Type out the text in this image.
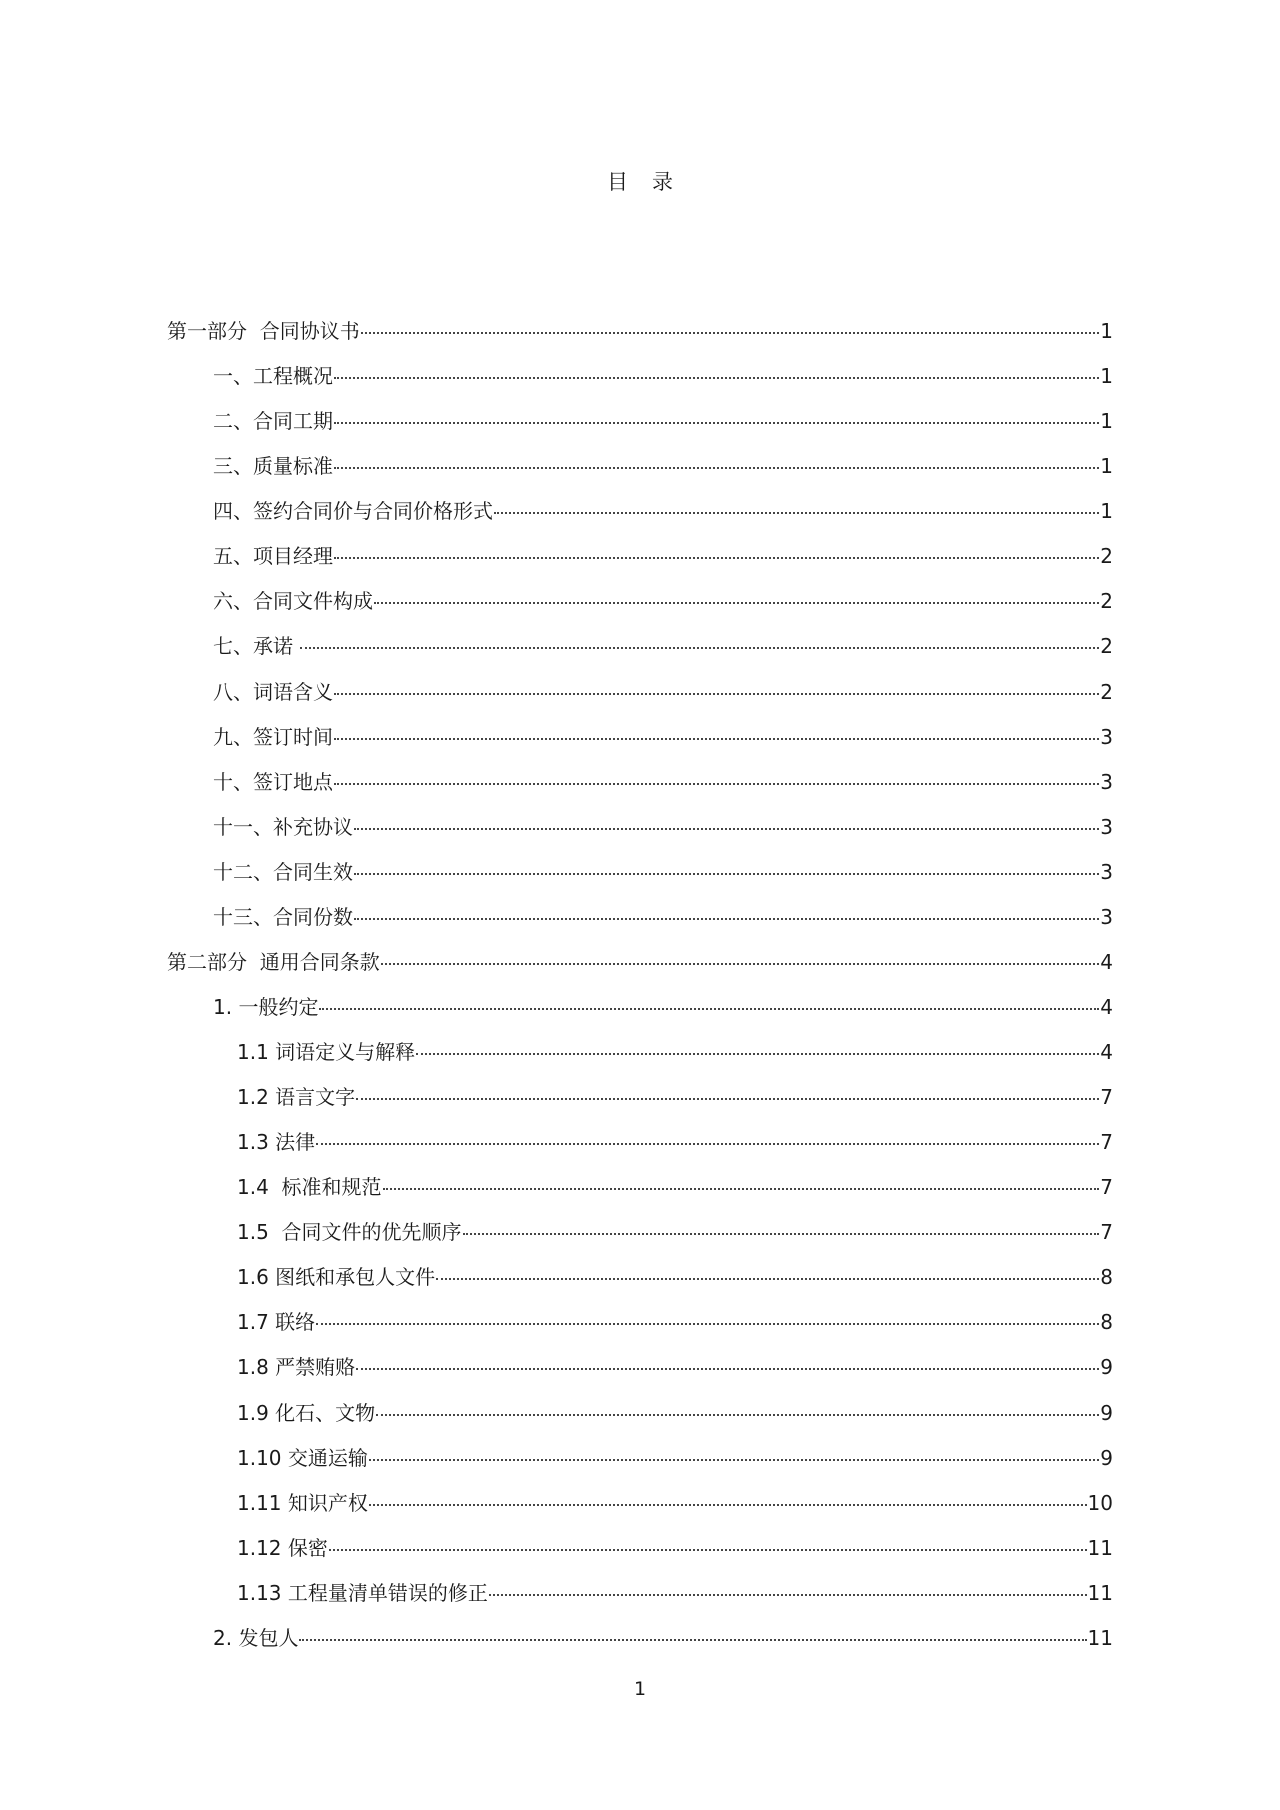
目录
第一部分  合同协议书	1
一、工程概况	1
二、合同工期	1
三、质量标准	1
四、签约合同价与合同价格形式	1
五、项目经理	2
六、合同文件构成	2
七、承诺	2
八、词语含义	2
九、签订时间	3
十、签订地点	3
十一、补充协议	3
十二、合同生效	3
十三、合同份数	3
第二部分  通用合同条款	4
1. 一般约定	4
1.1 词语定义与解释	4
1.2 语言文字	7
1.3 法律	7
1.4  标准和规范	7
1.5  合同文件的优先顺序	7
1.6 图纸和承包人文件	8
1.7 联络	8
1.8 严禁贿赂	9
1.9 化石、文物	9
1.10 交通运输	9
1.11 知识产权	10
1.12 保密	11
1.13 工程量清单错误的修正	11
2. 发包人	11
1
